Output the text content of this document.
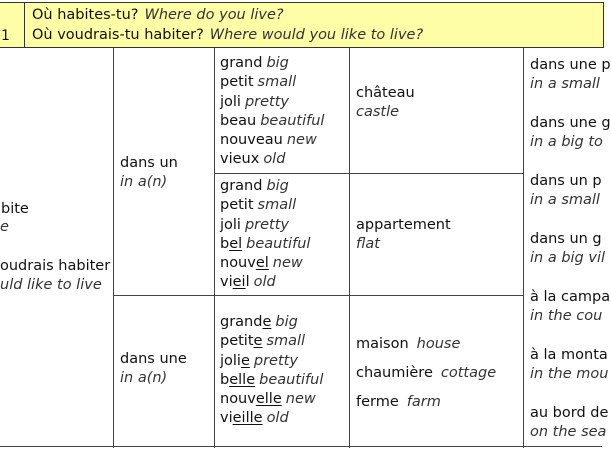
1
Où habites-tu? Where do you live?
Où voudrais-tu habiter? Where would you like to live?
bite
e
oudrais habiter
uld like to live
dans un
in a(n)
grand big
petit small
joli pretty
beau beautiful
nouveau new
vieux old
château
castle
grand big
petit small
joli pretty
bel beautiful
nouvel new
vieil old
appartement
flat
dans une
in a(n)
grande big
petite small
jolie pretty
belle beautiful
nouvelle new
vieille old
maison house
chaumière cottage
ferme farm
dans une p
in a small
dans une g
in a big to
dans un p
in a small
dans un g
in a big vil
à la campa
in the cou
à la monta
in the mou
au bord de
on the sea
